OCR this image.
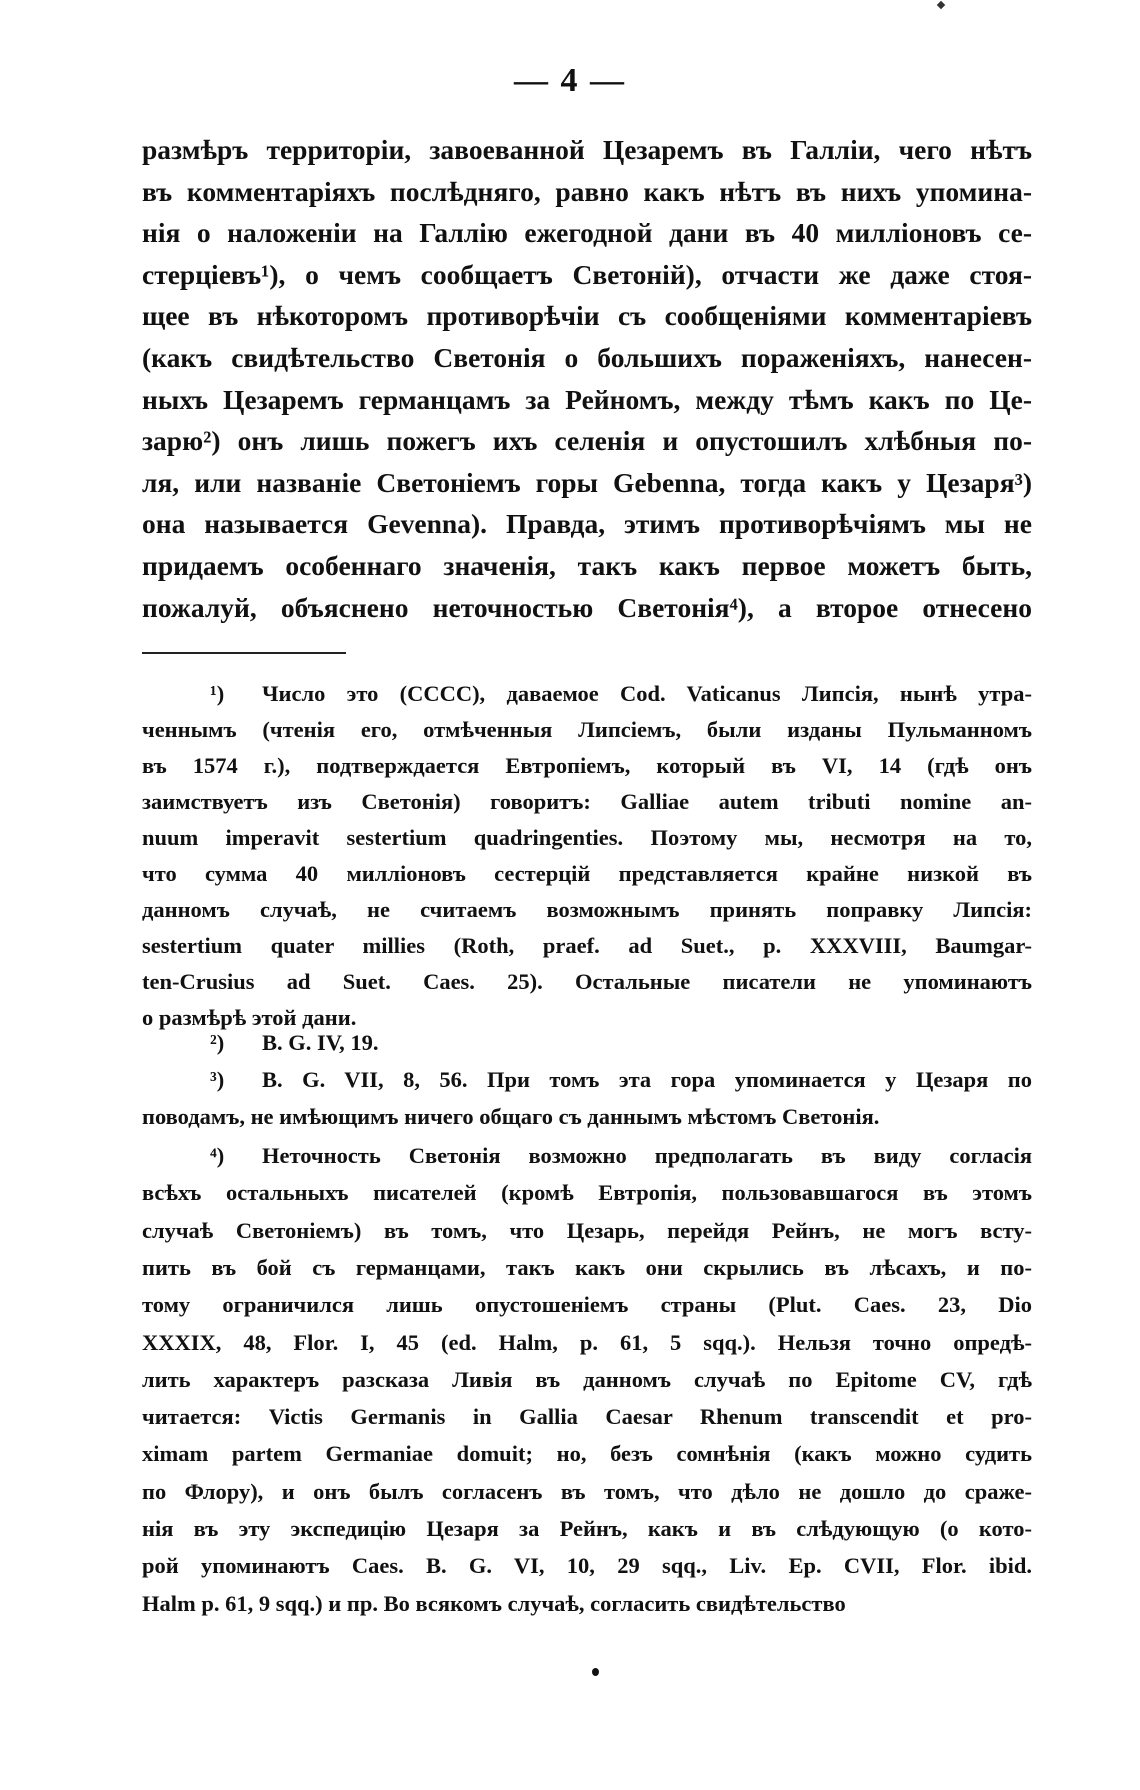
— 4 —
размѣръ территоріи, завоеванной Цезаремъ въ Галліи, чего нѣтъ
въ комментаріяхъ послѣдняго, равно какъ нѣтъ въ нихъ упомина-
нія о наложеніи на Галлію ежегодной дани въ 40 милліоновъ се-
стерціевъ¹), о чемъ сообщаетъ Светоній), отчасти же даже стоя-
щее въ нѣкоторомъ противорѣчіи съ сообщеніями комментаріевъ
(какъ свидѣтельство Светонія о большихъ пораженіяхъ, нанесен-
ныхъ Цезаремъ германцамъ за Рейномъ, между тѣмъ какъ по Це-
зарю²) онъ лишь пожегъ ихъ селенія и опустошилъ хлѣбныя по-
ля, или названіе Светоніемъ горы Gebenna, тогда какъ у Цезаря³)
она называется Gevenna). Правда, этимъ противорѣчіямъ мы не
придаемъ особеннаго значенія, такъ какъ первое можетъ быть,
пожалуй, объяснено неточностью Светонія⁴), а второе отнесено
¹)	Число это (CCCC), даваемое Cod. Vaticanus Липсія, нынѣ утра-
ченнымъ (чтенія его, отмѣченныя Липсіемъ, были изданы Пульманномъ
въ 1574 г.), подтверждается Евтропіемъ, который въ VI, 14 (гдѣ онъ
заимствуетъ изъ Светонія) говоритъ: Galliae autem tributi nomine an-
nuum imperavit sestertium quadringenties. Поэтому мы, несмотря на то,
что сумма 40 милліоновъ сестерцій представляется крайне низкой въ
данномъ случаѣ, не считаемъ возможнымъ принять поправку Липсія:
sestertium quater millies (Roth, praef. ad Suet., p. XXXVIII, Baumgar-
ten-Crusius ad Suet. Caes. 25). Остальные писатели не упоминаютъ
о размѣрѣ этой дани.
²)	B. G. IV, 19.
³)	B. G. VII, 8, 56. При томъ эта гора упоминается у Цезаря по
поводамъ, не имѣющимъ ничего общаго съ даннымъ мѣстомъ Светонія.
⁴)	Неточность Светонія возможно предполагать въ виду согласія
всѣхъ остальныхъ писателей (кромѣ Евтропія, пользовавшагося въ этомъ
случаѣ Светоніемъ) въ томъ, что Цезарь, перейдя Рейнъ, не могъ всту-
пить въ бой съ германцами, такъ какъ они скрылись въ лѣсахъ, и по-
тому ограничился лишь опустошеніемъ страны (Plut. Caes. 23, Dio
XXXIX, 48, Flor. I, 45 (ed. Halm, p. 61, 5 sqq.). Нельзя точно опредѣ-
лить характеръ разсказа Ливія въ данномъ случаѣ по Epitome CV, гдѣ
читается: Victis Germanis in Gallia Caesar Rhenum transcendit et pro-
ximam partem Germaniae domuit; но, безъ сомнѣнія (какъ можно судить
по Флору), и онъ былъ согласенъ въ томъ, что дѣло не дошло до сраже-
нія въ эту экспедицію Цезаря за Рейнъ, какъ и въ слѣдующую (о кото-
рой упоминаютъ Caes. B. G. VI, 10, 29 sqq., Liv. Ep. CVII, Flor. ibid.
Halm p. 61, 9 sqq.) и пр. Во всякомъ случаѣ, согласить свидѣтельство
